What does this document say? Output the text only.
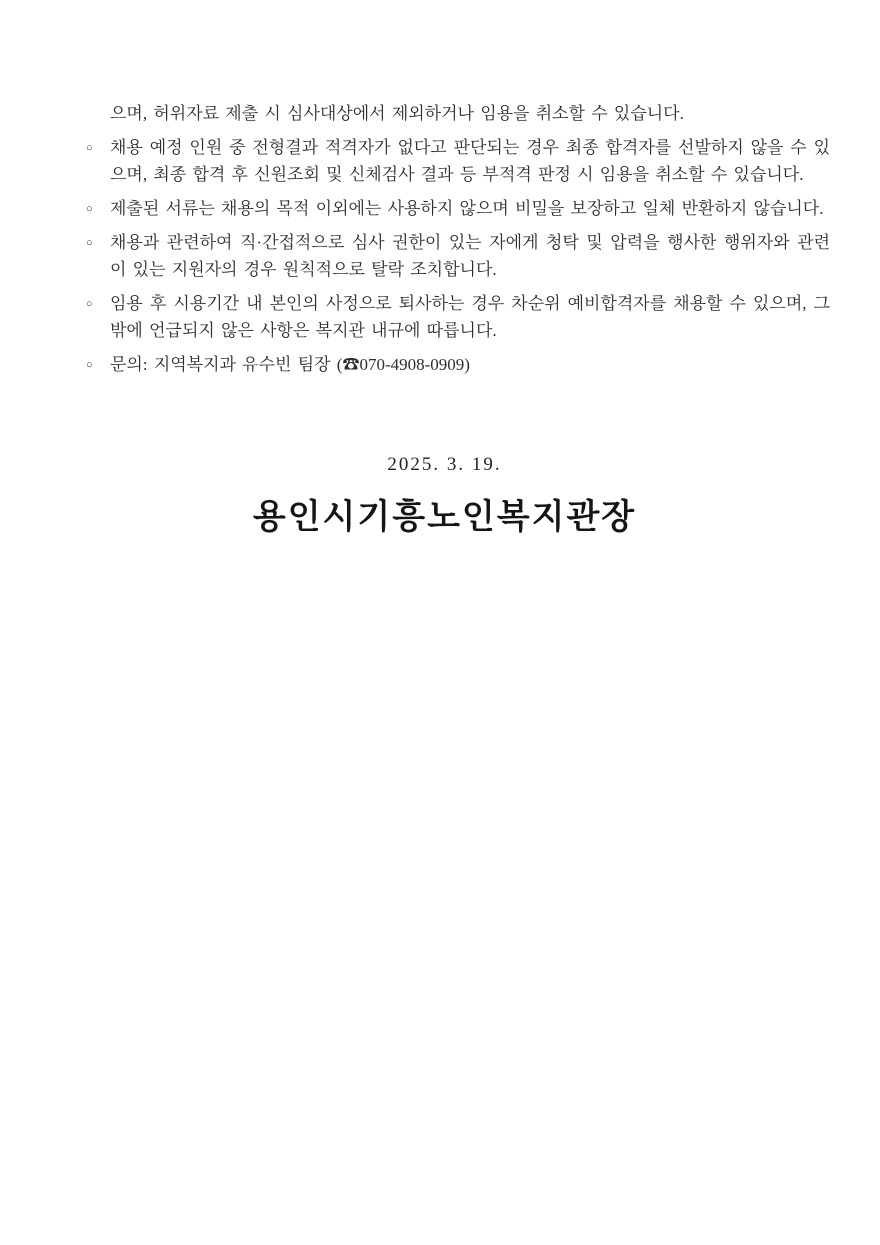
으며, 허위자료 제출 시 심사대상에서 제외하거나 임용을 취소할 수 있습니다.

○ 채용 예정 인원 중 전형결과 적격자가 없다고 판단되는 경우 최종 합격자를 선발하지 않을 수 있으며, 최종 합격 후 신원조회 및 신체검사 결과 등 부적격 판정 시 임용을 취소할 수 있습니다.
○ 제출된 서류는 채용의 목적 이외에는 사용하지 않으며 비밀을 보장하고 일체 반환하지 않습니다.
○ 채용과 관련하여 직·간접적으로 심사 권한이 있는 자에게 청탁 및 압력을 행사한 행위자와 관련이 있는 지원자의 경우 원칙적으로 탈락 조치합니다.
○ 임용 후 시용기간 내 본인의 사정으로 퇴사하는 경우 차순위 예비합격자를 채용할 수 있으며, 그 밖에 언급되지 않은 사항은 복지관 내규에 따릅니다.
○ 문의: 지역복지과 유수빈 팀장 (☎070-4908-0909)
2025. 3. 19.
용인시기흥노인복지관장
